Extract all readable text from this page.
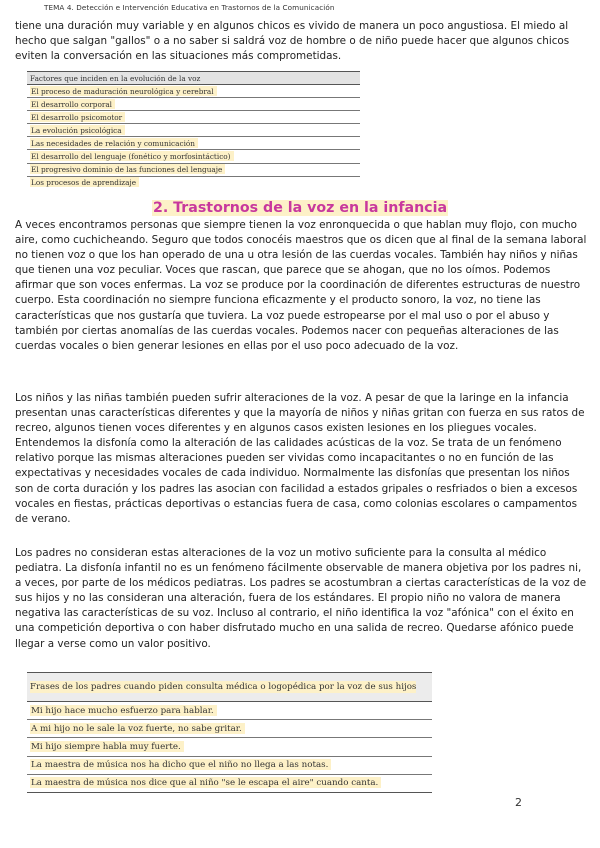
TEMA 4. Detección e Intervención Educativa en Trastornos de la Comunicación

tiene una duración muy variable y en algunos chicos es vivido de manera un poco angustiosa. El miedo al hecho que salgan "gallos" o a no saber si saldrá voz de hombre o de niño puede hacer que algunos chicos eviten la conversación en las situaciones más comprometidas.

Factores que inciden en la evolución de la voz
El proceso de maduración neurológica y cerebral
El desarrollo corporal
El desarrollo psicomotor
La evolución psicológica
Las necesidades de relación y comunicación
El desarrollo del lenguaje (fonético y morfosintáctico)
El progresivo dominio de las funciones del lenguaje
Los procesos de aprendizaje
2. Trastornos de la voz en la infancia

A veces encontramos personas que siempre tienen la voz enronquecida o que hablan muy flojo, con mucho aire, como cuchicheando. Seguro que todos conocéis maestros que os dicen que al final de la semana laboral no tienen voz o que los han operado de una u otra lesión de las cuerdas vocales. También hay niños y niñas que tienen una voz peculiar. Voces que rascan, que parece que se ahogan, que no los oímos. Podemos afirmar que son voces enfermas. La voz se produce por la coordinación de diferentes estructuras de nuestro cuerpo. Esta coordinación no siempre funciona eficazmente y el producto sonoro, la voz, no tiene las características que nos gustaría que tuviera. La voz puede estropearse por el mal uso o por el abuso y también por ciertas anomalías de las cuerdas vocales. Podemos nacer con pequeñas alteraciones de las cuerdas vocales o bien generar lesiones en ellas por el uso poco adecuado de la voz.

Los niños y las niñas también pueden sufrir alteraciones de la voz. A pesar de que la laringe en la infancia presentan unas características diferentes y que la mayoría de niños y niñas gritan con fuerza en sus ratos de recreo, algunos tienen voces diferentes y en algunos casos existen lesiones en los pliegues vocales. Entendemos la disfonía como la alteración de las calidades acústicas de la voz. Se trata de un fenómeno relativo porque las mismas alteraciones pueden ser vividas como incapacitantes o no en función de las expectativas y necesidades vocales de cada individuo. Normalmente las disfonías que presentan los niños son de corta duración y los padres las asocian con facilidad a estados gripales o resfriados o bien a excesos vocales en fiestas, prácticas deportivas o estancias fuera de casa, como colonias escolares o campamentos de verano.

Los padres no consideran estas alteraciones de la voz un motivo suficiente para la consulta al médico pediatra. La disfonía infantil no es un fenómeno fácilmente observable de manera objetiva por los padres ni, a veces, por parte de los médicos pediatras. Los padres se acostumbran a ciertas características de la voz de sus hijos y no las consideran una alteración, fuera de los estándares. El propio niño no valora de manera negativa las características de su voz. Incluso al contrario, el niño identifica la voz "afónica" con el éxito en una competición deportiva o con haber disfrutado mucho en una salida de recreo. Quedarse afónico puede llegar a verse como un valor positivo.

Frases de los padres cuando piden consulta médica o logopédica por la voz de sus hijos
Mi hijo hace mucho esfuerzo para hablar.
A mi hijo no le sale la voz fuerte, no sabe gritar.
Mi hijo siempre habla muy fuerte.
La maestra de música nos ha dicho que el niño no llega a las notas.
La maestra de música nos dice que al niño "se le escapa el aire" cuando canta.
2
